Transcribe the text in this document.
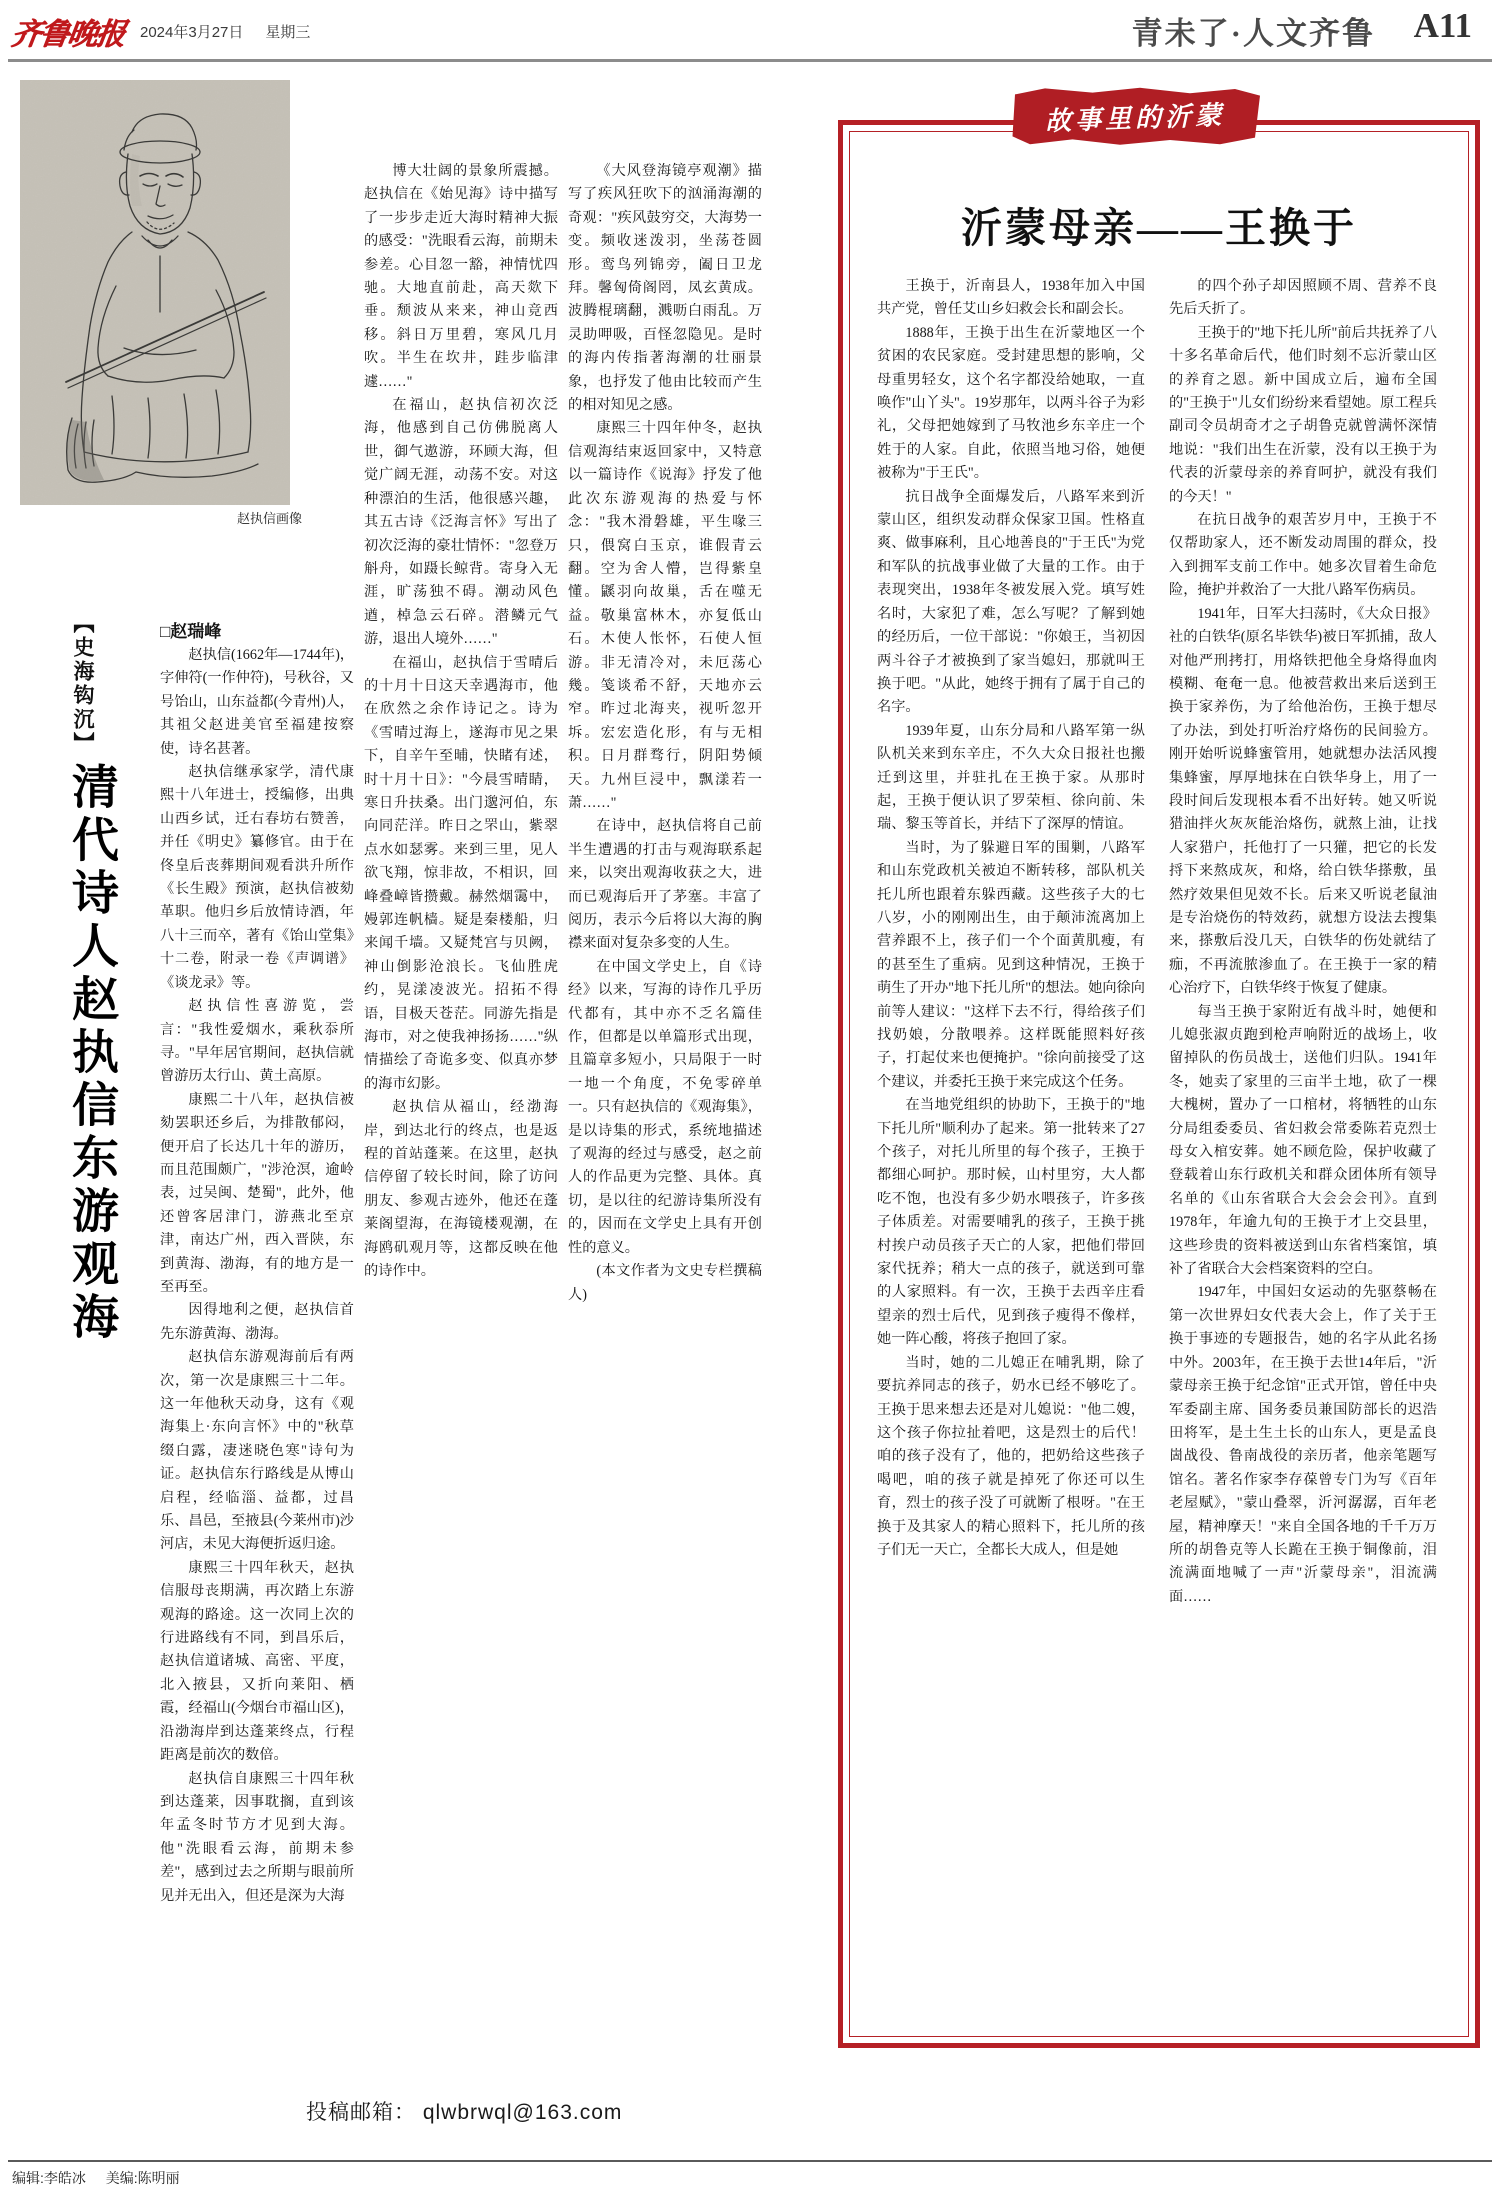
齐鲁晚报 2024年3月27日 星期三	青未了·人文齐鲁 A11
赵执信画像
【史海钩沉】
清代诗人赵执信东游观海
□赵瑞峰

赵执信(1662年—1744年)，字伸符(一作仲符)，号秋谷，又号饴山，山东益都(今青州)人，其祖父赵进美官至福建按察使，诗名甚著。

赵执信继承家学，清代康熙十八年进士，授编修，出典山西乡试，迁右春坊右赞善，并任《明史》纂修官。由于在佟皇后丧葬期间观看洪升所作《长生殿》预演，赵执信被劾革职。他归乡后放情诗酒，年八十三而卒，著有《饴山堂集》十二卷，附录一卷《声调谱》《谈龙录》等。

赵执信性喜游览，尝言："我性爱烟水，乘秋忝所寻。"早年居官期间，赵执信就曾游历太行山、黄土高原。

康熙二十八年，赵执信被劾罢职还乡后，为排散郁闷，便开启了长达几十年的游历，而且范围颇广，"涉沧溟，逾岭表，过吴闽、楚蜀"，此外，他还曾客居津门，游燕北至京津，南达广州，西入晋陕，东到黄海、渤海，有的地方是一至再至。

因得地利之便，赵执信首先东游黄海、渤海。

赵执信东游观海前后有两次，第一次是康熙三十二年。这一年他秋天动身，这有《观海集上·东向言怀》中的"秋草缀白露，凄迷晓色寒"诗句为证。赵执信东行路线是从博山启程，经临淄、益都，过昌乐、昌邑，至掖县(今莱州市)沙河店，未见大海便折返归途。

康熙三十四年秋天，赵执信服母丧期满，再次踏上东游观海的路途。这一次同上次的行进路线有不同，到昌乐后，赵执信道诸城、高密、平度，北入掖县，又折向莱阳、栖霞，经福山(今烟台市福山区)，沿渤海岸到达蓬莱终点，行程距离是前次的数倍。

赵执信自康熙三十四年秋到达蓬莱，因事耽搁，直到该年孟冬时节方才见到大海。他"洗眼看云海，前期未参差"，感到过去之所期与眼前所见并无出入，但还是深为大海

博大壮阔的景象所震撼。赵执信在《始见海》诗中描写了一步步走近大海时精神大振的感受："洗眼看云海，前期未参差。心目忽一豁，神情忧四驰。大地直前赴，高天欻下垂。颓波从来来，神山竞西移。斜日万里碧，寒风几月吹。半生在坎井，跬步临津遽……"

在福山，赵执信初次泛海，他感到自己仿佛脱离人世，御气遨游，环顾大海，但觉广阔无涯，动荡不安。对这种漂泊的生活，他很感兴趣，其五古诗《泛海言怀》写出了初次泛海的豪壮情怀："忽登万斛舟，如蹑长鲸背。寄身入无涯，旷荡独不碍。潮动风色遒，棹急云石碎。潜鳞元气游，退出人境外……"

在福山，赵执信于雪晴后的十月十日这天幸遇海市，他在欣然之余作诗记之。诗为《雪晴过海上，遂海市见之果下，自辛午至晡，快睹有述，时十月十日》："今晨雪晴睛，寒日升扶桑。出门邈河伯，东向同茫洋。昨日之罘山，紫翠点水如瑟雾。来到三里，见人欲飞翔，惊非故，不相识，回峰叠嶂皆攒戴。赫然烟霭中，嫚郭连帆樯。疑是秦楼船，归来闻千墙。又疑梵宫与贝阙，神山倒影沧浪长。飞仙胜虎约，晃漾凌波光。招拓不得语，目极天苍茫。同游先指是海市，对之使我神扬扬……"纵情描绘了奇诡多变、似真亦梦的海市幻影。

赵执信从福山，经渤海岸，到达北行的终点，也是返程的首站蓬莱。在这里，赵执信停留了较长时间，除了访问朋友、参观古迹外，他还在蓬莱阁望海，在海镜楼观潮，在海鸥矶观月等，这都反映在他的诗作中。

《大风登海镜亭观潮》描写了疾风狂吹下的汹涌海潮的奇观："疾风鼓穷交，大海势一变。频收迷泼羽，坐荡苍圆形。鸾鸟列锦旁，阖日卫龙拜。馨匈倚阁罔，凤玄黄成。波腾棍璃翻，溅呖白雨乱。万灵助呷吸，百怪忽隐见。是时的海内传指著海潮的壮丽景象，也抒发了他由比较而产生的相对知见之感。

康熙三十四年仲冬，赵执信观海结束返回家中，又特意以一篇诗作《说海》抒发了他此次东游观海的热爱与怀念："我木滑磐雄，平生喙三只，偎窝白玉京，谁假青云翻。空为舍人懵，岂得紫皇懂。鼷羽向故巢，舌在噬无益。敬巢富林木，亦复低山石。木使人怅怀，石使人恒游。非无清冷对，未厄荡心幾。笺谈希不舒，天地亦云窄。昨过北海夹，视听忽开坼。宏宏造化形，有与无相积。日月群骛行，阴阳势倾天。九州巨浸中，飘漾若一萧……"

在诗中，赵执信将自己前半生遭遇的打击与观海联系起来，以突出观海收获之大，进而已观海后开了茅塞。丰富了阅历，表示今后将以大海的胸襟来面对复杂多变的人生。

在中国文学史上，自《诗经》以来，写海的诗作几乎历代都有，其中亦不乏名篇佳作，但都是以单篇形式出现，且篇章多短小，只局限于一时一地一个角度，不免零碎单一。只有赵执信的《观海集》，是以诗集的形式，系统地描述了观海的经过与感受，赵之前人的作品更为完整、具体。真切，是以往的纪游诗集所没有的，因而在文学史上具有开创性的意义。

(本文作者为文史专栏撰稿人)

沂蒙母亲——王换于

王换于，沂南县人，1938年加入中国共产党，曾任艾山乡妇救会长和副会长。

1888年，王换于出生在沂蒙地区一个贫困的农民家庭。受封建思想的影响，父母重男轻女，这个名字都没给她取，一直唤作"山丫头"。19岁那年，以两斗谷子为彩礼，父母把她嫁到了马牧池乡东辛庄一个姓于的人家。自此，依照当地习俗，她便被称为"于王氏"。

抗日战争全面爆发后，八路军来到沂蒙山区，组织发动群众保家卫国。性格直爽、做事麻利，且心地善良的"于王氏"为党和军队的抗战事业做了大量的工作。由于表现突出，1938年冬被发展入党。填写姓名时，大家犯了难，怎么写呢？了解到她的经历后，一位干部说："你娘王，当初因两斗谷子才被换到了家当媳妇，那就叫王换于吧。"从此，她终于拥有了属于自己的名字。

1939年夏，山东分局和八路军第一纵队机关来到东辛庄，不久大众日报社也搬迁到这里，并驻扎在王换于家。从那时起，王换于便认识了罗荣桓、徐向前、朱瑞、黎玉等首长，并结下了深厚的情谊。

当时，为了躲避日军的围剿，八路军和山东党政机关被迫不断转移，部队机关托儿所也跟着东躲西藏。这些孩子大的七八岁，小的刚刚出生，由于颠沛流离加上营养跟不上，孩子们一个个面黄肌瘦，有的甚至生了重病。见到这种情况，王换于萌生了开办"地下托儿所"的想法。她向徐向前等人建议："这样下去不行，得给孩子们找奶娘，分散喂养。这样既能照料好孩子，打起仗来也便掩护。"徐向前接受了这个建议，并委托王换于来完成这个任务。

在当地党组织的协助下，王换于的"地下托儿所"顺利办了起来。第一批转来了27个孩子，对托儿所里的每个孩子，王换于都细心呵护。那时候，山村里穷，大人都吃不饱，也没有多少奶水喂孩子，许多孩子体质差。对需要哺乳的孩子，王换于挑村挨户动员孩子天亡的人家，把他们带回家代抚养；稍大一点的孩子，就送到可靠的人家照料。有一次，王换于去西辛庄看望亲的烈士后代，见到孩子瘦得不像样，她一阵心酸，将孩子抱回了家。

当时，她的二儿媳正在哺乳期，除了要抗养同志的孩子，奶水已经不够吃了。王换于思来想去还是对儿媳说："他二嫂，这个孩子你拉扯着吧，这是烈士的后代！咱的孩子没有了，他的，把奶给这些孩子喝吧，咱的孩子就是掉死了你还可以生育，烈士的孩子没了可就断了根呀。"在王换于及其家人的精心照料下，托儿所的孩子们无一天亡，全都长大成人，但是她

的四个孙子却因照顾不周、营养不良先后夭折了。

王换于的"地下托儿所"前后共抚养了八十多名革命后代，他们时刻不忘沂蒙山区的养育之恩。新中国成立后，遍布全国的"王换于"儿女们纷纷来看望她。原工程兵副司令员胡奇才之子胡鲁克就曾满怀深情地说："我们出生在沂蒙，没有以王换于为代表的沂蒙母亲的养育呵护，就没有我们的今天！"

在抗日战争的艰苦岁月中，王换于不仅帮助家人，还不断发动周围的群众，投入到拥军支前工作中。她多次冒着生命危险，掩护并救治了一大批八路军伤病员。

1941年，日军大扫荡时，《大众日报》社的白铁华(原名毕铁华)被日军抓捕，敌人对他严刑拷打，用烙铁把他全身烙得血肉模糊、奄奄一息。他被营救出来后送到王换于家养伤，为了给他治伤，王换于想尽了办法，到处打听治疗烙伤的民间验方。刚开始听说蜂蜜管用，她就想办法活风搜集蜂蜜，厚厚地抹在白铁华身上，用了一段时间后发现根本看不出好转。她又听说猎油拌火灰灰能治烙伤，就熬上油，让找人家猎户，托他打了一只獾，把它的长发捋下来熬成灰，和烙，给白铁华搽敷，虽然疗效果但见效不长。后来又听说老鼠油是专治烧伤的特效药，就想方设法去搜集来，搽敷后没几天，白铁华的伤处就结了痂，不再流脓渗血了。在王换于一家的精心治疗下，白铁华终于恢复了健康。

每当王换于家附近有战斗时，她便和儿媳张淑贞跑到枪声响附近的战场上，收留掉队的伤员战士，送他们归队。1941年冬，她卖了家里的三亩半土地，砍了一棵大槐树，置办了一口棺材，将牺牲的山东分局组委委员、省妇救会常委陈若克烈士母女入棺安葬。她不顾危险，保护收藏了登载着山东行政机关和群众团体所有领导名单的《山东省联合大会会会刊》。直到1978年，年逾九旬的王换于才上交县里，这些珍贵的资料被送到山东省档案馆，填补了省联合大会档案资料的空白。

1947年，中国妇女运动的先驱蔡畅在第一次世界妇女代表大会上，作了关于王换于事迹的专题报告，她的名字从此名扬中外。2003年，在王换于去世14年后，"沂蒙母亲王换于纪念馆"正式开馆，曾任中央军委副主席、国务委员兼国防部长的迟浩田将军，是土生土长的山东人，更是孟良崮战役、鲁南战役的亲历者，他亲笔题写馆名。著名作家李存葆曾专门为写《百年老屋赋》，"蒙山叠翠，沂河潺潺，百年老屋，精神摩天！"来自全国各地的千千万万所的胡鲁克等人长跪在王换于铜像前，泪流满面地喊了一声"沂蒙母亲"，泪流满面……

故事里的沂蒙
投稿邮箱： qlwbrwql@163.com
编辑:李皓冰 美编:陈明丽
